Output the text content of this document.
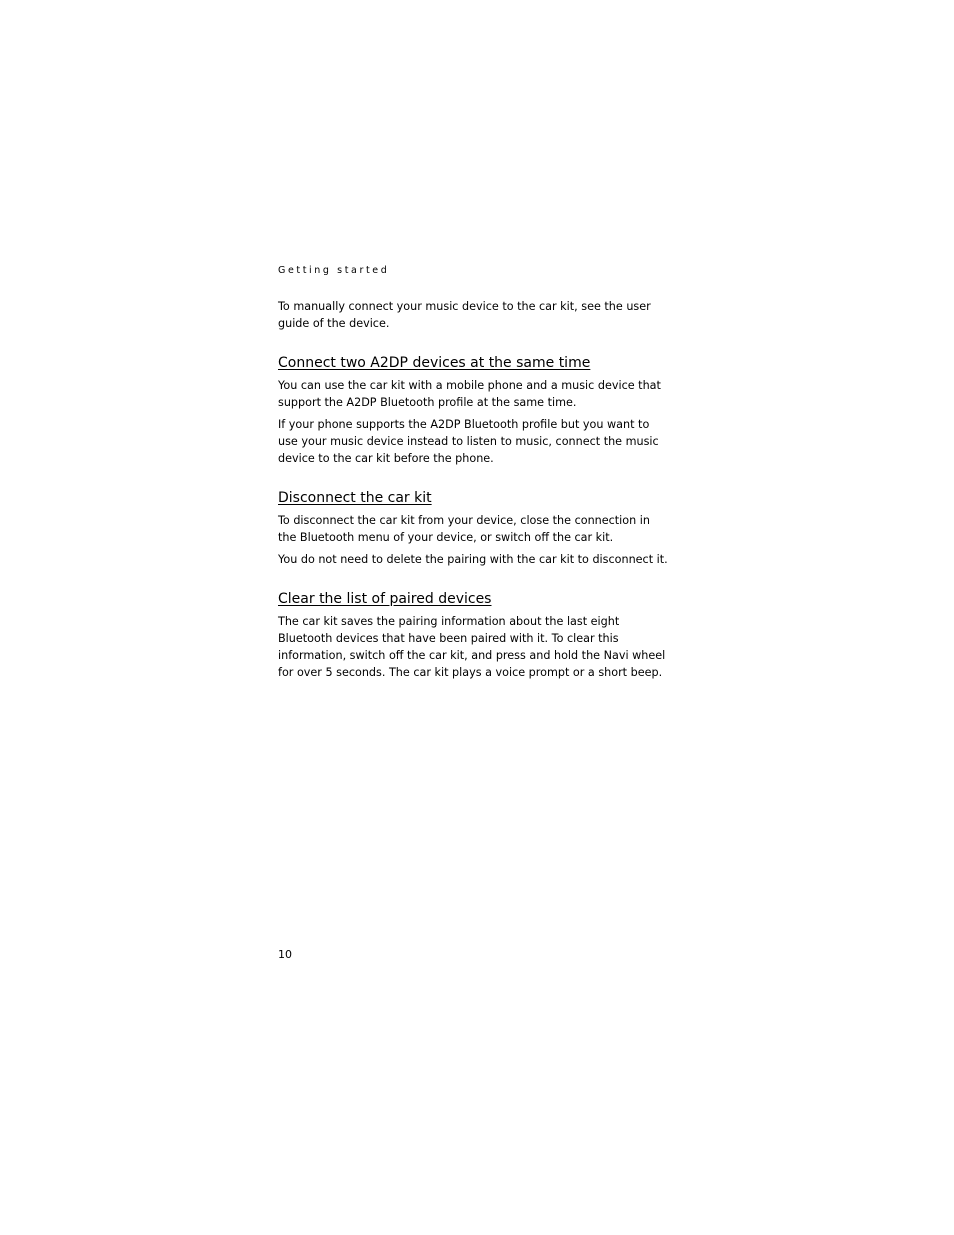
Getting started

To manually connect your music device to the car kit, see the user guide of the device.

Connect two A2DP devices at the same time

You can use the car kit with a mobile phone and a music device that support the A2DP Bluetooth profile at the same time.

If your phone supports the A2DP Bluetooth profile but you want to use your music device instead to listen to music, connect the music device to the car kit before the phone.

Disconnect the car kit

To disconnect the car kit from your device, close the connection in the Bluetooth menu of your device, or switch off the car kit.

You do not need to delete the pairing with the car kit to disconnect it.

Clear the list of paired devices

The car kit saves the pairing information about the last eight Bluetooth devices that have been paired with it. To clear this information, switch off the car kit, and press and hold the Navi wheel for over 5 seconds. The car kit plays a voice prompt or a short beep.

10
